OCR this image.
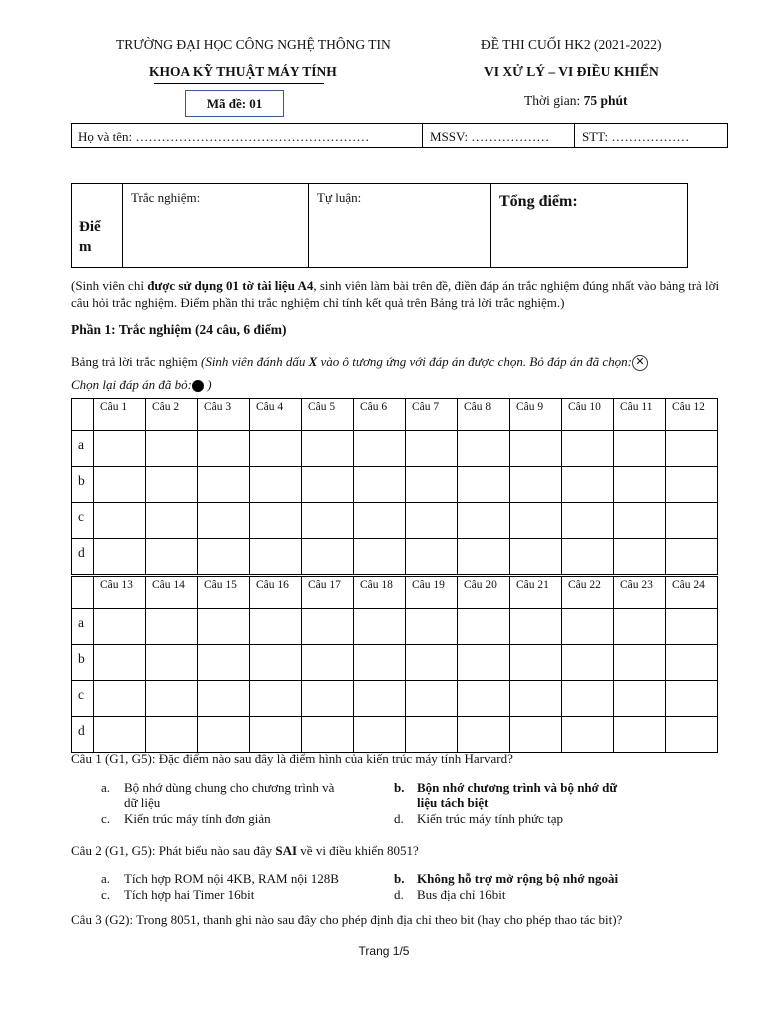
TRƯỜNG ĐẠI HỌC CÔNG NGHỆ THÔNG TIN
KHOA KỸ THUẬT MÁY TÍNH
Mã đề: 01
ĐỀ THI CUỐI HK2 (2021-2022)
VI XỬ LÝ – VI ĐIỀU KHIỂN
Thời gian: 75 phút
Họ và tên: ………………………………………………	MSSV: ………………	STT: ………………
Điể
m
Trắc nghiệm:	Tự luận:	Tổng điểm:
(Sinh viên chỉ được sử dụng 01 tờ tài liệu A4, sinh viên làm bài trên đề, điền đáp án trắc nghiệm đúng nhất vào bảng trả lời câu hỏi trắc nghiệm. Điểm phần thi trắc nghiệm chỉ tính kết quả trên Bảng trả lời trắc nghiệm.)
Phần 1: Trắc nghiệm (24 câu, 6 điểm)
Bảng trả lời trắc nghiệm (Sinh viên đánh dấu X vào ô tương ứng với đáp án được chọn. Bỏ đáp án đã chọn: ✕
Chọn lại đáp án đã bỏ: )
	Câu 1	Câu 2	Câu 3	Câu 4	Câu 5	Câu 6	Câu 7	Câu 8	Câu 9	Câu 10	Câu 11	Câu 12
a												
b												
c												
d												
	Câu 13	Câu 14	Câu 15	Câu 16	Câu 17	Câu 18	Câu 19	Câu 20	Câu 21	Câu 22	Câu 23	Câu 24
a												
b												
c												
d												
Câu 1 (G1, G5): Đặc điểm nào sau đây là điểm hình của kiến trúc máy tính Harvard?
a. Bộ nhớ dùng chung cho chương trình và
dữ liệu
b. Bộn nhớ chương trình và bộ nhớ dữ
liệu tách biệt
c. Kiến trúc máy tính đơn giản	d. Kiến trúc máy tính phức tạp
Câu 2 (G1, G5): Phát biểu nào sau đây SAI về vi điều khiển 8051?
a. Tích hợp ROM nội 4KB, RAM nội 128B	b. Không hỗ trợ mở rộng bộ nhớ ngoài
c. Tích hợp hai Timer 16bit	d. Bus địa chỉ 16bit
Câu 3 (G2): Trong 8051, thanh ghi nào sau đây cho phép định địa chỉ theo bit (hay cho phép thao tác bit)?
Trang 1/5
